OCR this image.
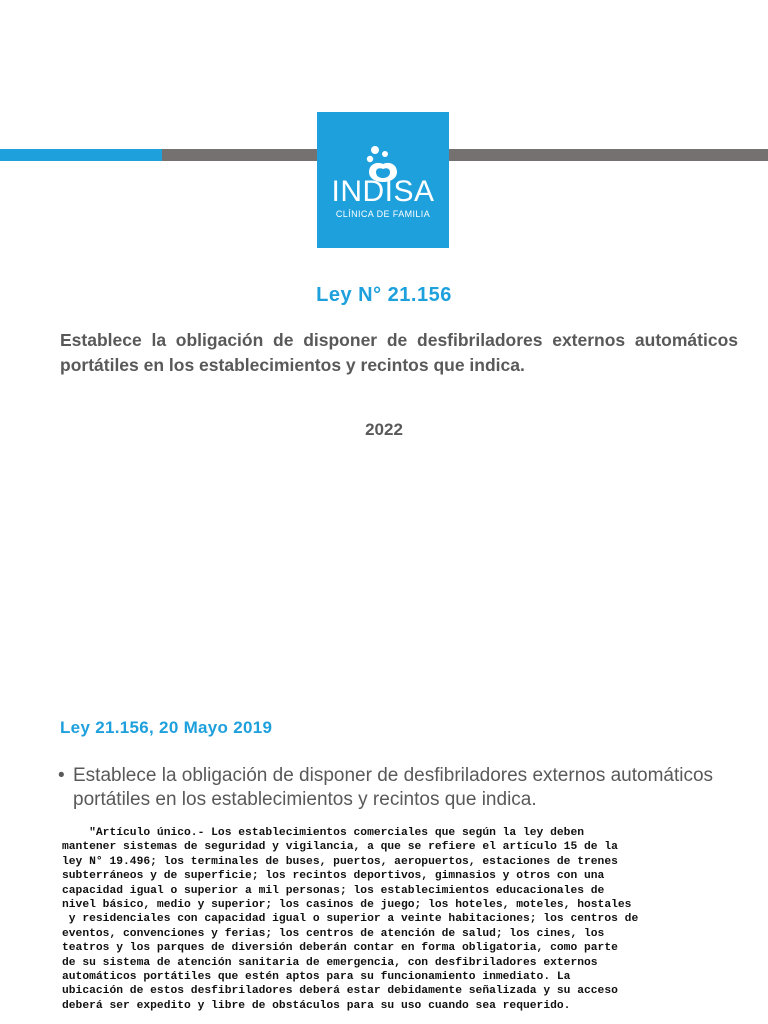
INDISA
CLÍNICA DE FAMILIA
Ley N° 21.156
Establece la obligación de disponer de desfibriladores externos automáticos portátiles en los establecimientos y recintos que indica.
2022
Ley 21.156, 20 Mayo 2019
• Establece la obligación de disponer de desfibriladores externos automáticos portátiles en los establecimientos y recintos que indica.
"Artículo único.- Los establecimientos comerciales que según la ley deben
mantener sistemas de seguridad y vigilancia, a que se refiere el artículo 15 de la
ley N° 19.496; los terminales de buses, puertos, aeropuertos, estaciones de trenes
subterráneos y de superficie; los recintos deportivos, gimnasios y otros con una
capacidad igual o superior a mil personas; los establecimientos educacionales de
nivel básico, medio y superior; los casinos de juego; los hoteles, moteles, hostales
y residenciales con capacidad igual o superior a veinte habitaciones; los centros de
eventos, convenciones y ferias; los centros de atención de salud; los cines, los
teatros y los parques de diversión deberán contar en forma obligatoria, como parte
de su sistema de atención sanitaria de emergencia, con desfibriladores externos
automáticos portátiles que estén aptos para su funcionamiento inmediato. La
ubicación de estos desfibriladores deberá estar debidamente señalizada y su acceso
deberá ser expedito y libre de obstáculos para su uso cuando sea requerido.
